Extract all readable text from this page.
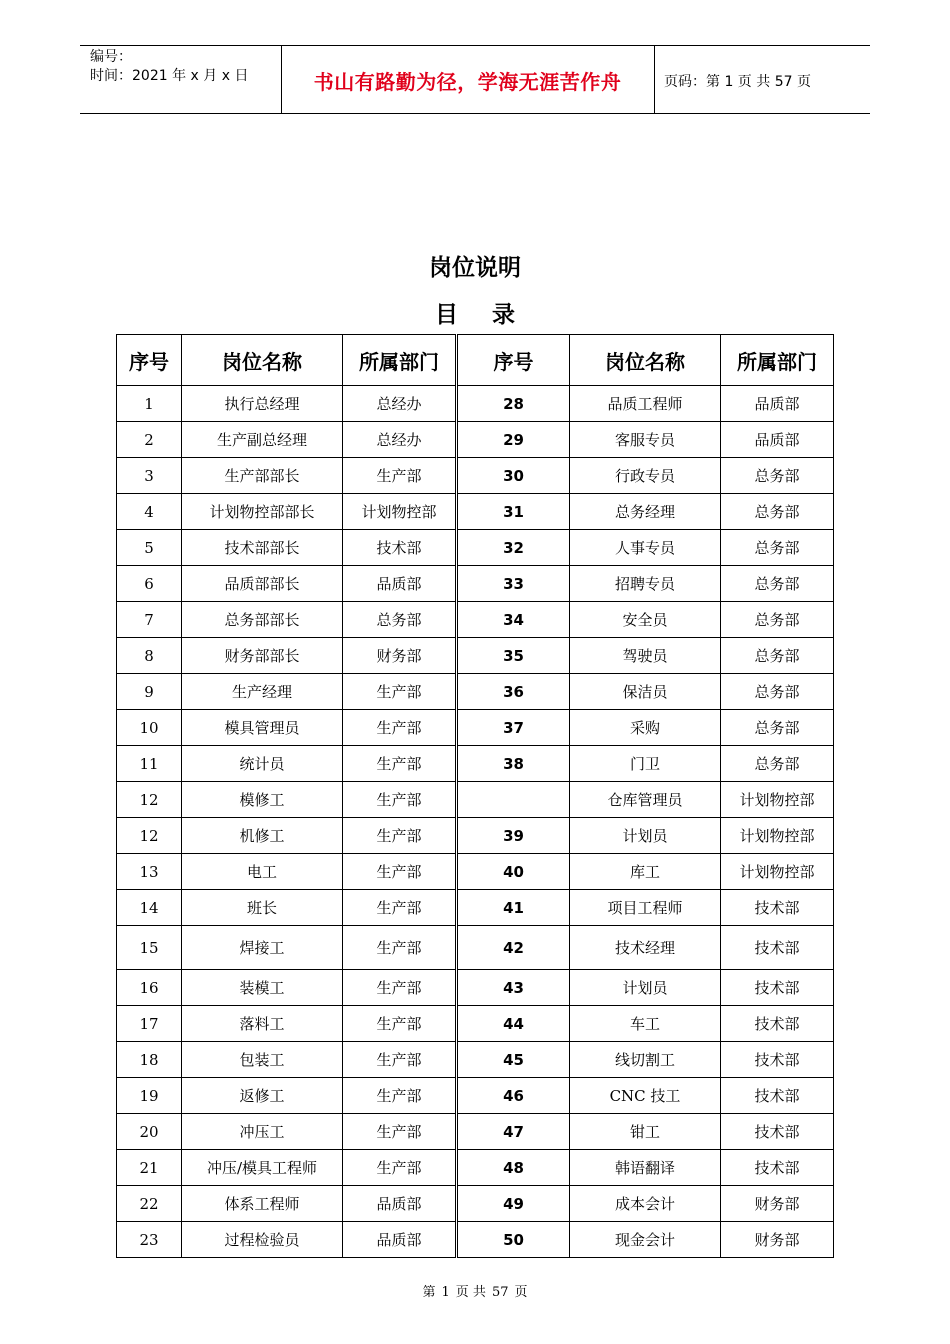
编号：
时间：2021 年 x 月 x 日	书山有路勤为径，学海无涯苦作舟	页码：第 1 页 共 57 页
岗位说明
目录
序号	岗位名称	所属部门	序号	岗位名称	所属部门
1	执行总经理	总经办	28	品质工程师	品质部
2	生产副总经理	总经办	29	客服专员	品质部
3	生产部部长	生产部	30	行政专员	总务部
4	计划物控部部长	计划物控部	31	总务经理	总务部
5	技术部部长	技术部	32	人事专员	总务部
6	品质部部长	品质部	33	招聘专员	总务部
7	总务部部长	总务部	34	安全员	总务部
8	财务部部长	财务部	35	驾驶员	总务部
9	生产经理	生产部	36	保洁员	总务部
10	模具管理员	生产部	37	采购	总务部
11	统计员	生产部	38	门卫	总务部
12	模修工	生产部		仓库管理员	计划物控部
12	机修工	生产部	39	计划员	计划物控部
13	电工	生产部	40	库工	计划物控部
14	班长	生产部	41	项目工程师	技术部
15	焊接工	生产部	42	技术经理	技术部
16	装模工	生产部	43	计划员	技术部
17	落料工	生产部	44	车工	技术部
18	包装工	生产部	45	线切割工	技术部
19	返修工	生产部	46	CNC 技工	技术部
20	冲压工	生产部	47	钳工	技术部
21	冲压/模具工程师	生产部	48	韩语翻译	技术部
22	体系工程师	品质部	49	成本会计	财务部
23	过程检验员	品质部	50	现金会计	财务部
第 1 页 共 57 页
